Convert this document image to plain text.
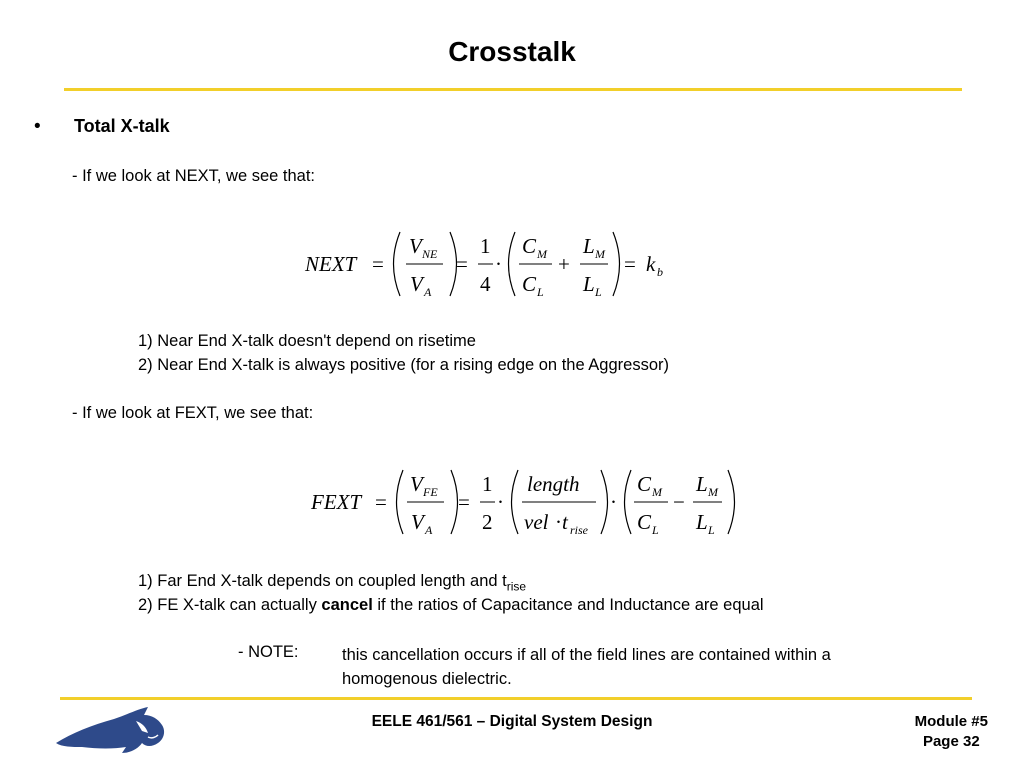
Crosstalk
• Total X-talk
- If we look at NEXT, we see that:
NEXT =
V NE
V A
=
1
4
·
C M
C L
+
L M
L L
= k b
1) Near End X-talk doesn't depend on risetime
2) Near End X-talk is always positive (for a rising edge on the Aggressor)
- If we look at FEXT, we see that:
FEXT =
V FE
V A
=
1
2
·
length
vel · t rise
·
C M
C L
−
L M
L L
1) Far End X-talk depends on coupled length and $t_{rise}$
2) FE X-talk can actually cancel if the ratios of Capacitance and Inductance are equal
- NOTE:	this cancellation occurs if all of the field lines are contained within a
homogenous dielectric.
EELE 461/561 – Digital System Design	Module #5
Page 32
